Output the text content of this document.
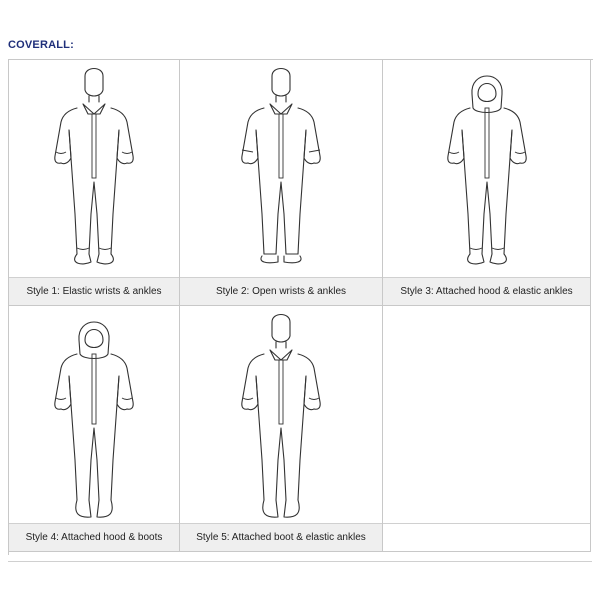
COVERALL:
Style 1: Elastic wrists & ankles	Style 2: Open wrists & ankles	Style 3: Attached hood & elastic ankles
Style 4: Attached hood & boots	Style 5: Attached boot & elastic ankles
